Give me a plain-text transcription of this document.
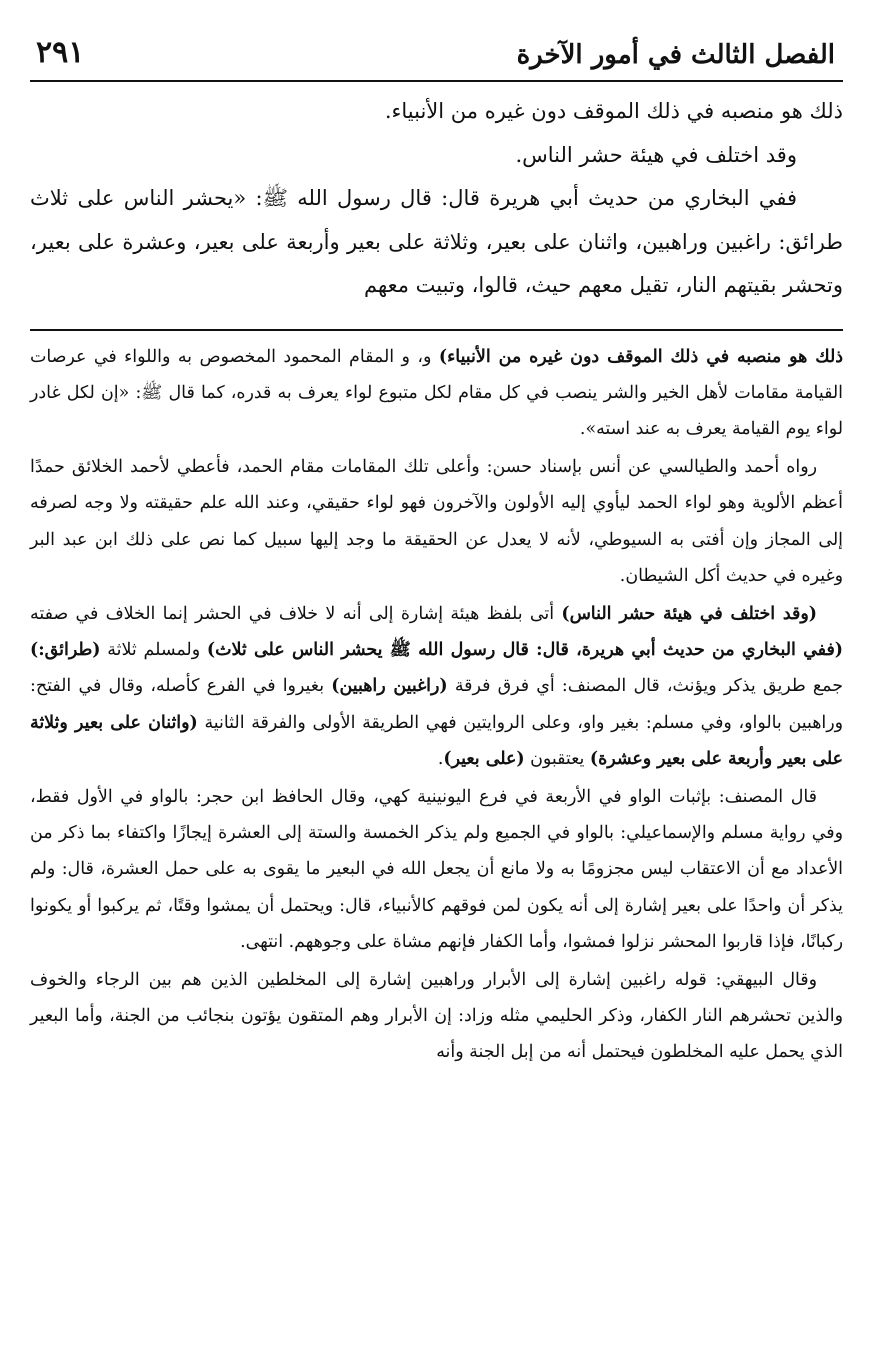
الفصل الثالث في أمور الآخرة
٢٩١

ذلك هو منصبه في ذلك الموقف دون غيره من الأنبياء.

وقد اختلف في هيئة حشر الناس.

ففي البخاري من حديث أبي هريرة قال: قال رسول الله ﷺ: «يحشر الناس على ثلاث طرائق: راغبين وراهبين، واثنان على بعير، وثلاثة على بعير وأربعة على بعير، وعشرة على بعير، وتحشر بقيتهم النار، تقيل معهم حيث، قالوا، وتبيت معهم

ذلك هو منصبه في ذلك الموقف دون غيره من الأنبياء) و، و المقام المحمود المخصوص به واللواء في عرصات القيامة مقامات لأهل الخير والشر ينصب في كل مقام لكل متبوع لواء يعرف به قدره، كما قال ﷺ: «إن لكل غادر لواء يوم القيامة يعرف به عند استه».

رواه أحمد والطيالسي عن أنس بإسناد حسن: وأعلى تلك المقامات مقام الحمد، فأعطي لأحمد الخلائق حمدًا أعظم الألوية وهو لواء الحمد ليأوي إليه الأولون والآخرون فهو لواء حقيقي، وعند الله علم حقيقته ولا وجه لصرفه إلى المجاز وإن أفتى به السيوطي، لأنه لا يعدل عن الحقيقة ما وجد إليها سبيل كما نص على ذلك ابن عبد البر وغيره في حديث أكل الشيطان.

(وقد اختلف في هيئة حشر الناس) أتى بلفظ هيئة إشارة إلى أنه لا خلاف في الحشر إنما الخلاف في صفته (ففي البخاري من حديث أبي هريرة، قال: قال رسول الله ﷺ يحشر الناس على ثلاث) ولمسلم ثلاثة (طرائق:) جمع طريق يذكر ويؤنث، قال المصنف: أي فرق فرقة (راغبين راهبين) بغيروا في الفرع كأصله، وقال في الفتح: وراهبين بالواو، وفي مسلم: بغير واو، وعلى الروايتين فهي الطريقة الأولى والفرقة الثانية (واثنان على بعير وثلاثة على بعير وأربعة على بعير وعشرة) يعتقبون (على بعير).

قال المصنف: بإثبات الواو في الأربعة في فرع اليونينية كهي، وقال الحافظ ابن حجر: بالواو في الأول فقط، وفي رواية مسلم والإسماعيلي: بالواو في الجميع ولم يذكر الخمسة والستة إلى العشرة إيجازًا واكتفاء بما ذكر من الأعداد مع أن الاعتقاب ليس مجزومًا به ولا مانع أن يجعل الله في البعير ما يقوى به على حمل العشرة، قال: ولم يذكر أن واحدًا على بعير إشارة إلى أنه يكون لمن فوقهم كالأنبياء، قال: ويحتمل أن يمشوا وقتًا، ثم يركبوا أو يكونوا ركبانًا، فإذا قاربوا المحشر نزلوا فمشوا، وأما الكفار فإنهم مشاة على وجوههم. انتهى.

وقال البيهقي: قوله راغبين إشارة إلى الأبرار وراهبين إشارة إلى المخلطين الذين هم بين الرجاء والخوف والذين تحشرهم النار الكفار، وذكر الحليمي مثله وزاد: إن الأبرار وهم المتقون يؤتون بنجائب من الجنة، وأما البعير الذي يحمل عليه المخلطون فيحتمل أنه من إبل الجنة وأنه
